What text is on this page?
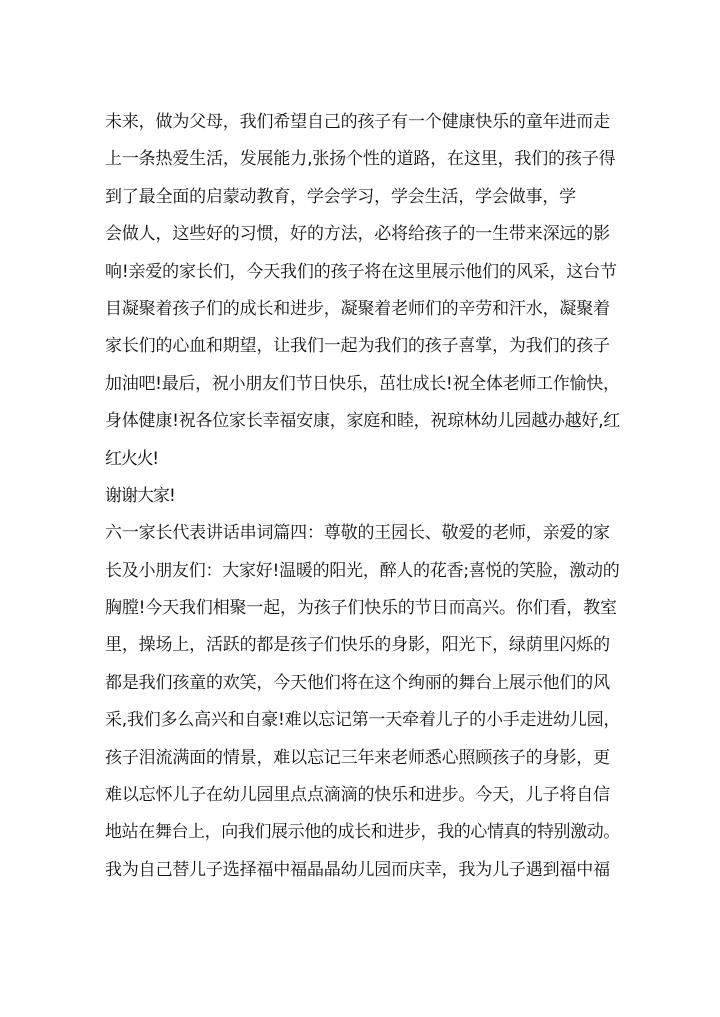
未来，做为父母，我们希望自己的孩子有一个健康快乐的童年进而走
上一条热爱生活，发展能力,张扬个性的道路，在这里，我们的孩子得
到了最全面的启蒙动教育，学会学习，学会生活，学会做事，学
会做人，这些好的习惯，好的方法，必将给孩子的一生带来深远的影
响!亲爱的家长们，今天我们的孩子将在这里展示他们的风采，这台节
目凝聚着孩子们的成长和进步，凝聚着老师们的辛劳和汗水，凝聚着
家长们的心血和期望，让我们一起为我们的孩子喜掌，为我们的孩子
加油吧!最后，祝小朋友们节日快乐，茁壮成长!祝全体老师工作愉快，
身体健康!祝各位家长幸福安康，家庭和睦，祝琼林幼儿园越办越好,红
红火火!
谢谢大家!
六一家长代表讲话串词篇四：尊敬的王园长、敬爱的老师，亲爱的家
长及小朋友们：大家好!温暖的阳光，醉人的花香;喜悦的笑脸，激动的
胸膛!今天我们相聚一起，为孩子们快乐的节日而高兴。你们看，教室
里，操场上，活跃的都是孩子们快乐的身影，阳光下，绿荫里闪烁的
都是我们孩童的欢笑，今天他们将在这个绚丽的舞台上展示他们的风
采,我们多么高兴和自豪!难以忘记第一天牵着儿子的小手走进幼儿园，
孩子泪流满面的情景，难以忘记三年来老师悉心照顾孩子的身影，更
难以忘怀儿子在幼儿园里点点滴滴的快乐和进步。今天，儿子将自信
地站在舞台上，向我们展示他的成长和进步，我的心情真的特别激动。
我为自己替儿子选择福中福晶晶幼儿园而庆幸，我为儿子遇到福中福
